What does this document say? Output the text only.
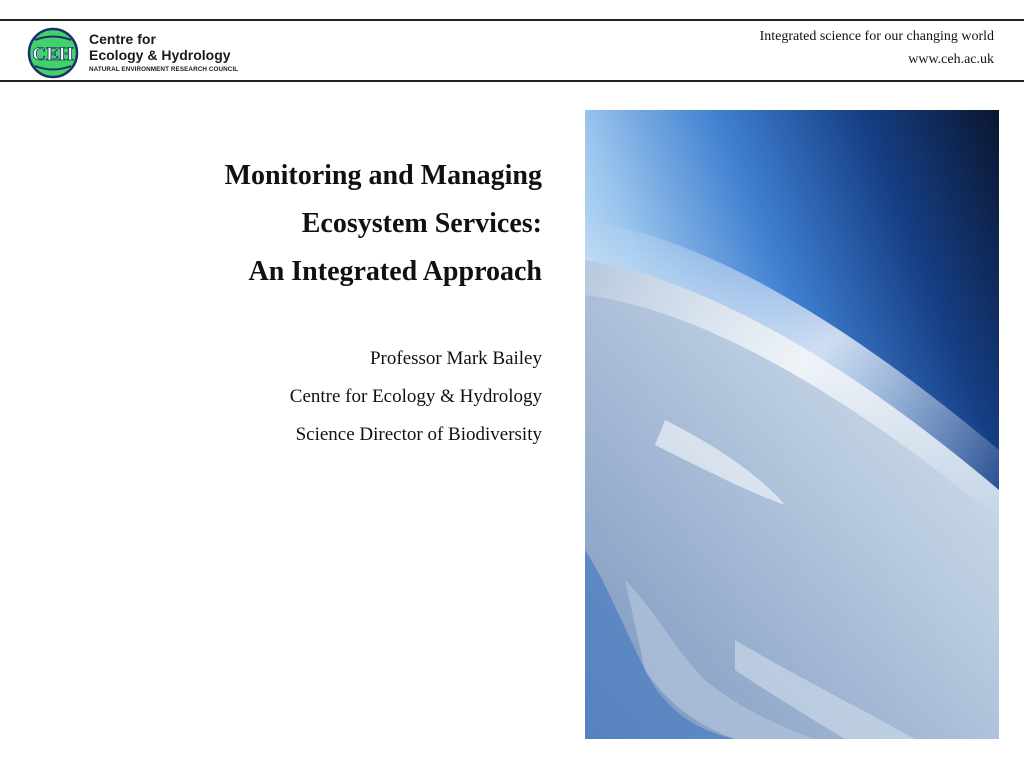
CEH
Centre for
Ecology & Hydrology
NATURAL ENVIRONMENT RESEARCH COUNCIL
Integrated science for our changing world
www.ceh.ac.uk
Monitoring and Managing
Ecosystem Services:
An Integrated Approach
Professor Mark Bailey
Centre for Ecology & Hydrology
Science Director of Biodiversity
